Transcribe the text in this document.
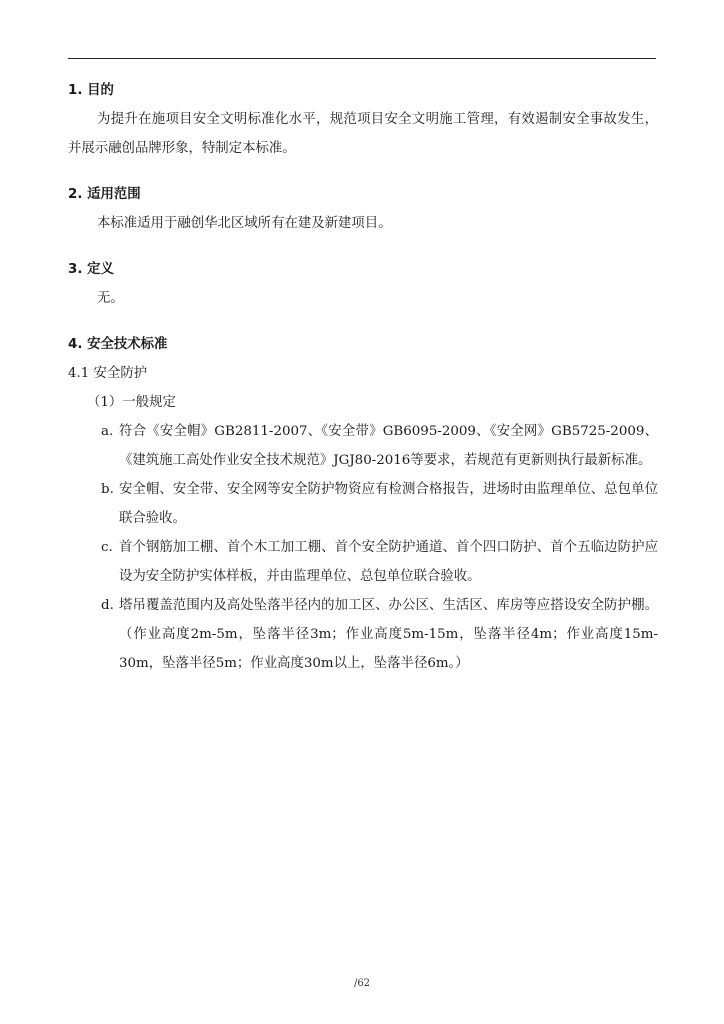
1. 目的
为提升在施项目安全文明标准化水平，规范项目安全文明施工管理，有效遏制安全事故发生，并展示融创品牌形象，特制定本标准。
2. 适用范围
本标准适用于融创华北区域所有在建及新建项目。
3. 定义
无。
4. 安全技术标准
4.1 安全防护
（1）一般规定
a. 符合《安全帽》GB2811-2007、《安全带》GB6095-2009、《安全网》GB5725-2009、《建筑施工高处作业安全技术规范》JGJ80-2016等要求，若规范有更新则执行最新标准。
b. 安全帽、安全带、安全网等安全防护物资应有检测合格报告，进场时由监理单位、总包单位联合验收。
c. 首个钢筋加工棚、首个木工加工棚、首个安全防护通道、首个四口防护、首个五临边防护应设为安全防护实体样板，并由监理单位、总包单位联合验收。
d. 塔吊覆盖范围内及高处坠落半径内的加工区、办公区、生活区、库房等应搭设安全防护棚。（作业高度2m-5m，坠落半径3m；作业高度5m-15m，坠落半径4m；作业高度15m-30m，坠落半径5m；作业高度30m以上，坠落半径6m。）
/62
